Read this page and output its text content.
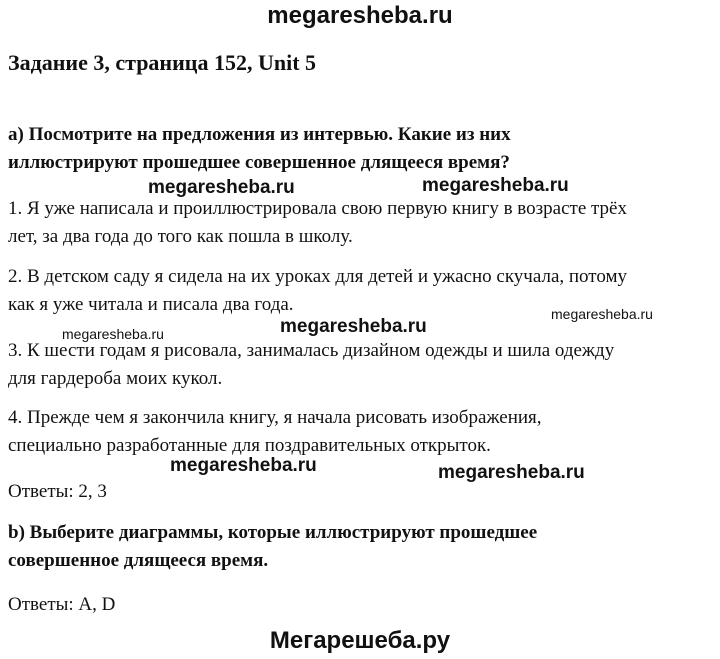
megaresheba.ru
Задание 3, страница 152, Unit 5
a) Посмотрите на предложения из интервью. Какие из них
иллюстрируют прошедшее совершенное длящееся время?
1. Я уже написала и проиллюстрировала свою первую книгу в возрасте трёх
лет, за два года до того как пошла в школу.
2. В детском саду я сидела на их уроках для детей и ужасно скучала, потому
как я уже читала и писала два года.
3. К шести годам я рисовала, занималась дизайном одежды и шила одежду
для гардероба моих кукол.
4. Прежде чем я закончила книгу, я начала рисовать изображения,
специально разработанные для поздравительных открыток.
Ответы: 2, 3
b) Выберите диаграммы, которые иллюстрируют прошедшее
совершенное длящееся время.
Ответы: A, D
megaresheba.ru	megaresheba.ru
megaresheba.ru
megaresheba.ru
megaresheba.ru
megaresheba.ru	megaresheba.ru
Мегарешеба.ру
